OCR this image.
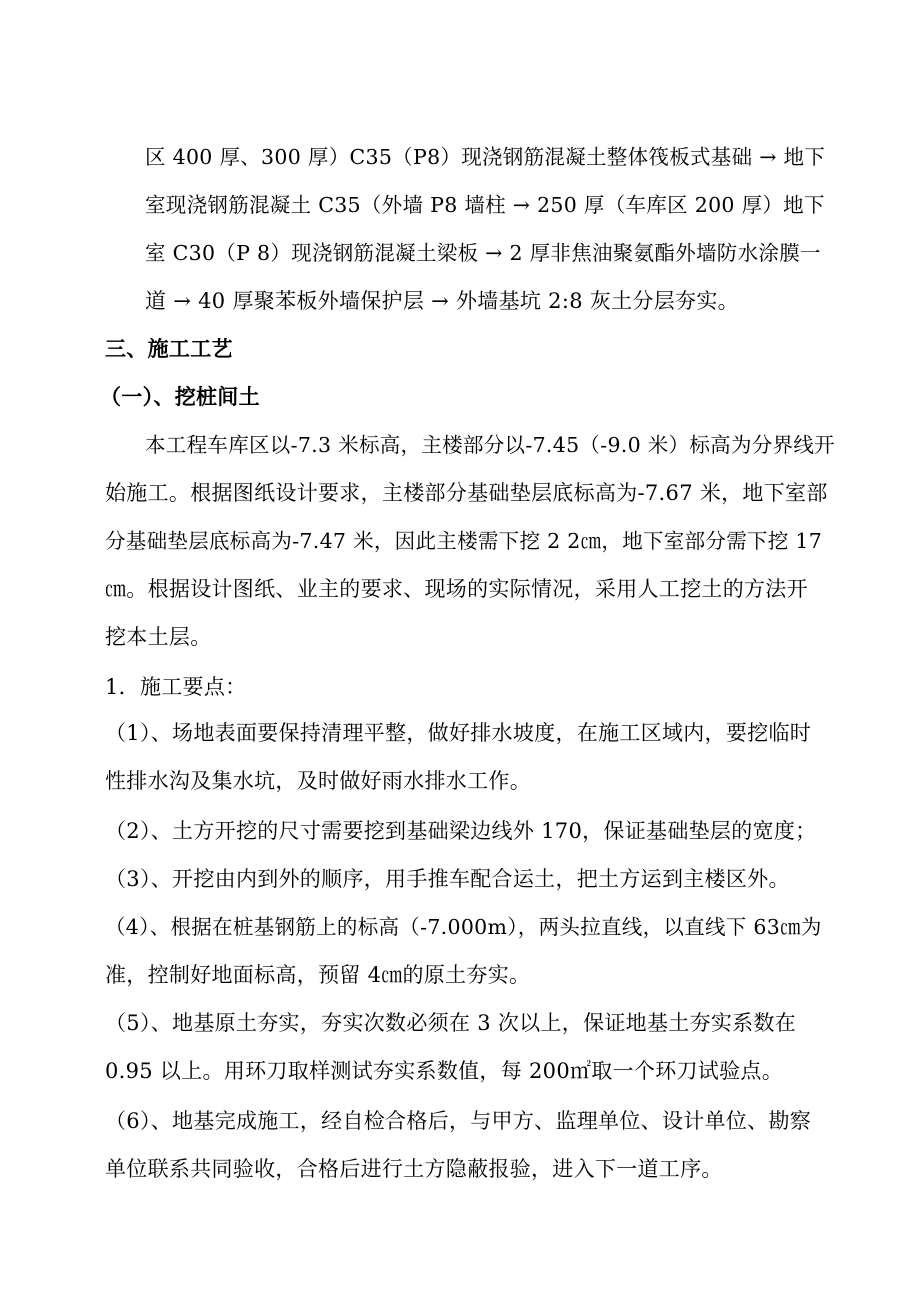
区 400 厚、300 厚）C35（P8）现浇钢筋混凝土整体筏板式基础 → 地下
室现浇钢筋混凝土 C35（外墙 P8 墙柱 → 250 厚（车库区 200 厚）地下
室 C30（P 8）现浇钢筋混凝土梁板 → 2 厚非焦油聚氨酯外墙防水涂膜一
道 → 40 厚聚苯板外墙保护层 → 外墙基坑 2:8 灰土分层夯实。
三、施工工艺
（一）、挖桩间土
本工程车库区以-7.3 米标高，主楼部分以-7.45（-9.0 米）标高为分界线开
始施工。根据图纸设计要求，主楼部分基础垫层底标高为-7.67 米，地下室部
分基础垫层底标高为-7.47 米，因此主楼需下挖 2 2㎝，地下室部分需下挖 17
㎝。根据设计图纸、业主的要求、现场的实际情况，采用人工挖土的方法开
挖本土层。
1．施工要点：
（1）、场地表面要保持清理平整，做好排水坡度，在施工区域内，要挖临时
性排水沟及集水坑，及时做好雨水排水工作。
（2）、土方开挖的尺寸需要挖到基础梁边线外 170，保证基础垫层的宽度；
（3）、开挖由内到外的顺序，用手推车配合运土，把土方运到主楼区外。
（4）、根据在桩基钢筋上的标高（-7.000m），两头拉直线，以直线下 63㎝为
准，控制好地面标高，预留 4㎝的原土夯实。
（5）、地基原土夯实，夯实次数必须在 3 次以上，保证地基土夯实系数在
0.95 以上。用环刀取样测试夯实系数值，每 200㎡取一个环刀试验点。
（6）、地基完成施工，经自检合格后，与甲方、监理单位、设计单位、勘察
单位联系共同验收，合格后进行土方隐蔽报验，进入下一道工序。
